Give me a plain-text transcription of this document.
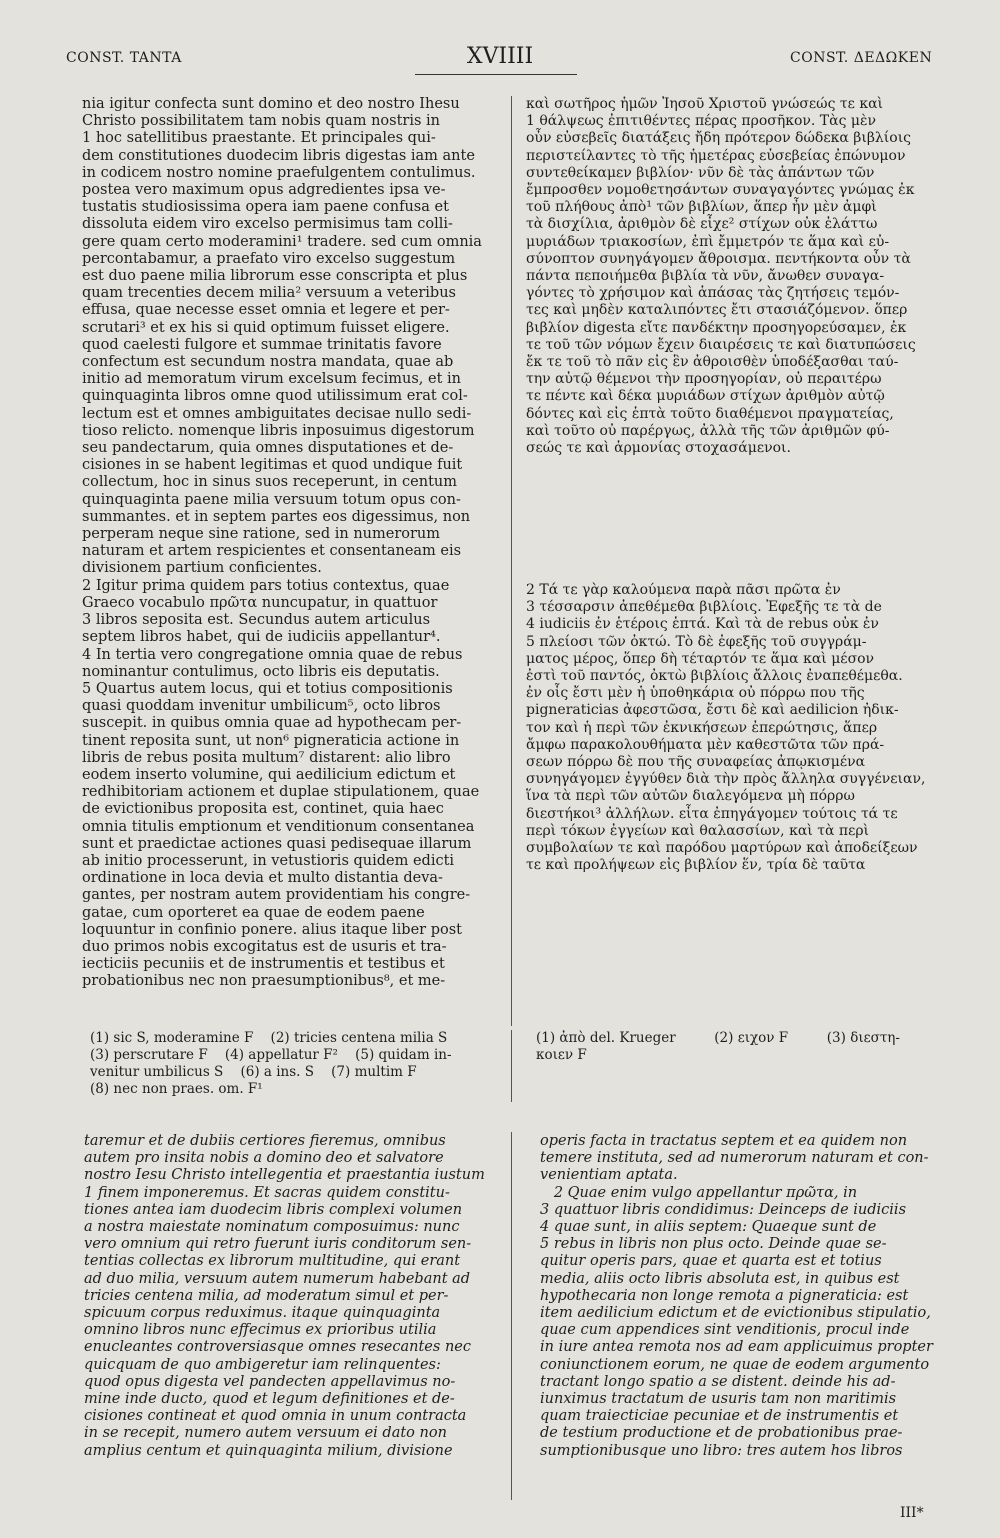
CONST. TANTA	XVIIII	CONST. ΔΕΔΩΚΕΝ

nia igitur confecta sunt domino et deo nostro Ihesu

Christo possibilitatem tam nobis quam nostris in

1 hoc satellitibus praestante. Et principales qui-

dem constitutiones duodecim libris digestas iam ante

in codicem nostro nomine praefulgentem contulimus.

postea vero maximum opus adgredientes ipsa ve-

tustatis studiosissima opera iam paene confusa et

dissoluta eidem viro excelso permisimus tam colli-

gere quam certo moderamini¹ tradere. sed cum omnia

percontabamur, a praefato viro excelso suggestum

est duo paene milia librorum esse conscripta et plus

quam trecenties decem milia² versuum a veteribus

effusa, quae necesse esset omnia et legere et per-

scrutari³ et ex his si quid optimum fuisset eligere.

quod caelesti fulgore et summae trinitatis favore

confectum est secundum nostra mandata, quae ab

initio ad memoratum virum excelsum fecimus, et in

quinquaginta libros omne quod utilissimum erat col-

lectum est et omnes ambiguitates decisae nullo sedi-

tioso relicto. nomenque libris inposuimus digestorum

seu pandectarum, quia omnes disputationes et de-

cisiones in se habent legitimas et quod undique fuit

collectum, hoc in sinus suos receperunt, in centum

quinquaginta paene milia versuum totum opus con-

summantes. et in septem partes eos digessimus, non

perperam neque sine ratione, sed in numerorum

naturam et artem respicientes et consentaneam eis

divisionem partium conficientes.

2 Igitur prima quidem pars totius contextus, quae

Graeco vocabulo πρῶτα nuncupatur, in quattuor

3 libros seposita est. Secundus autem articulus

septem libros habet, qui de iudiciis appellantur⁴.

4 In tertia vero congregatione omnia quae de rebus

nominantur contulimus, octo libris eis deputatis.

5 Quartus autem locus, qui et totius compositionis

quasi quoddam invenitur umbilicum⁵, octo libros

suscepit. in quibus omnia quae ad hypothecam per-

tinent reposita sunt, ut non⁶ pigneraticia actione in

libris de rebus posita multum⁷ distarent: alio libro

eodem inserto volumine, qui aedilicium edictum et

redhibitoriam actionem et duplae stipulationem, quae

de evictionibus proposita est, continet, quia haec

omnia titulis emptionum et venditionum consentanea

sunt et praedictae actiones quasi pedisequae illarum

ab initio processerunt, in vetustioris quidem edicti

ordinatione in loca devia et multo distantia deva-

gantes, per nostram autem providentiam his congre-

gatae, cum oporteret ea quae de eodem paene

loquuntur in confinio ponere. alius itaque liber post

duo primos nobis excogitatus est de usuris et tra-

iecticiis pecuniis et de instrumentis et testibus et

probationibus nec non praesumptionibus⁸, et me-

καὶ σωτῆρος ἡμῶν Ἰησοῦ Χριστοῦ γνώσεώς τε καὶ

1 θάλψεως ἐπιτιθέντες πέρας προσῆκον. Τὰς μὲν

οὖν εὐσεβεῖς διατάξεις ἤδη πρότερον δώδεκα βιβλίοις

περιστείλαντες τὸ τῆς ἡμετέρας εὐσεβείας ἐπώνυμον

συντεθείκαμεν βιβλίον· νῦν δὲ τὰς ἁπάντων τῶν

ἔμπροσθεν νομοθετησάντων συναγαγόντες γνώμας ἐκ

τοῦ πλήθους ἀπὸ¹ τῶν βιβλίων, ἅπερ ἦν μὲν ἀμφὶ

τὰ δισχίλια, ἀριθμὸν δὲ εἶχε² στίχων οὐκ ἐλάττω

μυριάδων τριακοσίων, ἐπὶ ἔμμετρόν τε ἅμα καὶ εὐ-

σύνοπτον συνηγάγομεν ἄθροισμα. πεντήκοντα οὖν τὰ

πάντα πεποιήμεθα βιβλία τὰ νῦν, ἄνωθεν συναγα-

γόντες τὸ χρήσιμον καὶ ἁπάσας τὰς ζητήσεις τεμόν-

τες καὶ μηδὲν καταλιπόντες ἔτι στασιάζόμενον. ὅπερ

βιβλίον digesta εἴτε πανδέκτην προσηγορεύσαμεν, ἐκ

τε τοῦ τῶν νόμων ἔχειν διαιρέσεις τε καὶ διατυπώσεις

ἔκ τε τοῦ τὸ πᾶν εἰς ἓν ἀθροισθὲν ὑποδέξασθαι ταύ-

την αὐτῷ θέμενοι τὴν προσηγορίαν, οὐ περαιτέρω

τε πέντε καὶ δέκα μυριάδων στίχων ἀριθμὸν αὐτῷ

δόντες καὶ εἰς ἑπτὰ τοῦτο διαθέμενοι πραγματείας,

καὶ τοῦτο οὐ παρέργως, ἀλλὰ τῆς τῶν ἀριθμῶν φύ-

σεώς τε καὶ ἁρμονίας στοχασάμενοι.

2 Τά τε γὰρ καλούμενα παρὰ πᾶσι πρῶτα ἐν

3 τέσσαρσιν ἀπεθέμεθα βιβλίοις. Ἐφεξῆς τε τὰ de

4 iudiciis ἐν ἑτέροις ἑπτά. Καὶ τὰ de rebus οὐκ ἐν

5 πλείοσι τῶν ὀκτώ. Τὸ δὲ ἐφεξῆς τοῦ συγγράμ-

ματος μέρος, ὅπερ δὴ τέταρτόν τε ἅμα καὶ μέσον

ἐστὶ τοῦ παντός, ὀκτὼ βιβλίοις ἄλλοις ἐναπεθέμεθα.

ἐν οἷς ἔστι μὲν ἡ ὑποθηκάρια οὐ πόρρω που τῆς

pigneraticias ἀφεστῶσα, ἔστι δὲ καὶ aedilicion ἠδικ-

τον καὶ ἡ περὶ τῶν ἐκνικήσεων ἐπερώτησις, ἅπερ

ἄμφω παρακολουθήματα μὲν καθεστῶτα τῶν πρά-

σεων πόρρω δὲ που τῆς συναφείας ἀπῳκισμένα

συνηγάγομεν ἐγγύθεν διὰ τὴν πρὸς ἄλληλα συγγένειαν,

ἵνα τὰ περὶ τῶν αὐτῶν διαλεγόμενα μὴ πόρρω

διεστήκοι³ ἀλλήλων. εἶτα ἐπηγάγομεν τούτοις τά τε

περὶ τόκων ἐγγείων καὶ θαλασσίων, καὶ τὰ περὶ

συμβολαίων τε καὶ παρόδου μαρτύρων καὶ ἀποδείξεων

τε καὶ προλήψεων εἰς βιβλίον ἕν, τρία δὲ ταῦτα

(1) sic S, moderamine F    (2) tricies centena milia S

(3) perscrutare F    (4) appellatur F²    (5) quidam in-

venitur umbilicus S    (6) a ins. S    (7) multim F

(8) nec non praes. om. F¹

(1) ἀπὸ del. Krueger         (2) ειχον F         (3) διεστη-

κοιεν F

taremur et de dubiis certiores fieremus, omnibus

autem pro insita nobis a domino deo et salvatore

nostro Iesu Christo intellegentia et praestantia iustum

1 finem imponeremus. Et sacras quidem constitu-

tiones antea iam duodecim libris complexi volumen

a nostra maiestate nominatum composuimus: nunc

vero omnium qui retro fuerunt iuris conditorum sen-

tentias collectas ex librorum multitudine, qui erant

ad duo milia, versuum autem numerum habebant ad

tricies centena milia, ad moderatum simul et per-

spicuum corpus reduximus. itaque quinquaginta

omnino libros nunc effecimus ex prioribus utilia

enucleantes controversiasque omnes resecantes nec

quicquam de quo ambigeretur iam relinquentes:

quod opus digesta vel pandecten appellavimus no-

mine inde ducto, quod et legum definitiones et de-

cisiones contineat et quod omnia in unum contracta

in se recepit, numero autem versuum ei dato non

amplius centum et quinquaginta milium, divisione

operis facta in tractatus septem et ea quidem non

temere instituta, sed ad numerorum naturam et con-

venientiam aptata.

2 Quae enim vulgo appellantur πρῶτα, in

3 quattuor libris condidimus: Deinceps de iudiciis

4 quae sunt, in aliis septem: Quaeque sunt de

5 rebus in libris non plus octo. Deinde quae se-

quitur operis pars, quae et quarta est et totius

media, aliis octo libris absoluta est, in quibus est

hypothecaria non longe remota a pigneraticia: est

item aedilicium edictum et de evictionibus stipulatio,

quae cum appendices sint venditionis, procul inde

in iure antea remota nos ad eam applicuimus propter

coniunctionem eorum, ne quae de eodem argumento

tractant longo spatio a se distent. deinde his ad-

iunximus tractatum de usuris tam non maritimis

quam traiecticiae pecuniae et de instrumentis et

de testium productione et de probationibus prae-

sumptionibusque uno libro: tres autem hos libros

III*
